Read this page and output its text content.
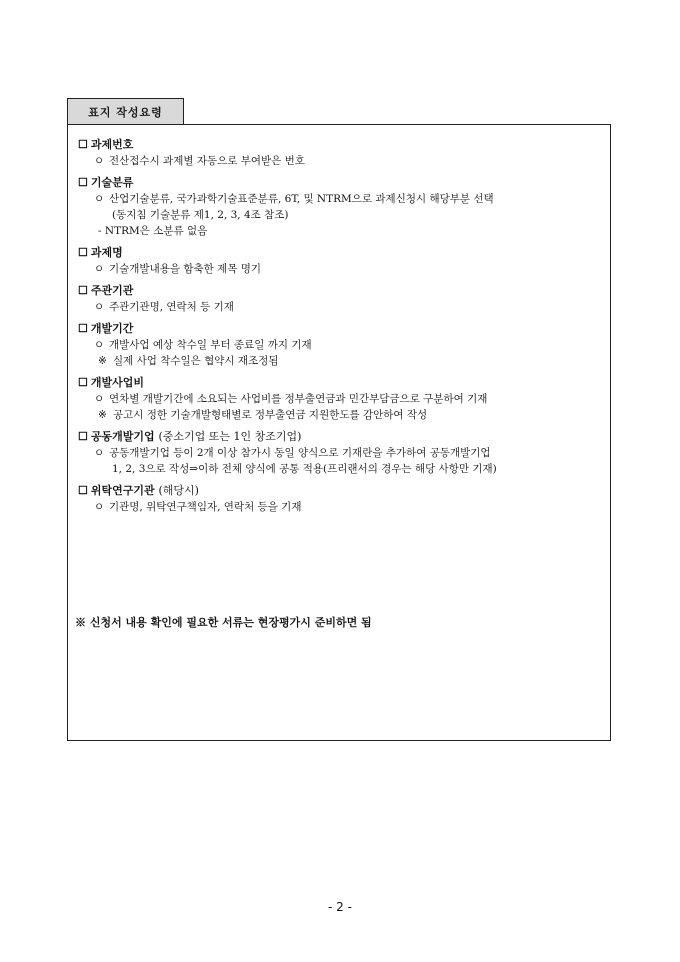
표지 작성요령
☐ 과제번호
ㅇ 전산접수시 과제별 자동으로 부여받은 번호
☐ 기술분류
ㅇ 산업기술분류, 국가과학기술표준분류, 6T, 및 NTRM으로 과제신청시 해당부분 선택
(동지침 기술분류 제1, 2, 3, 4조 참조)
- NTRM은 소분류 없음
☐ 과제명
ㅇ 기술개발내용을 함축한 제목 명기
☐ 주관기관
ㅇ 주관기관명, 연락처 등 기재
☐ 개발기간
ㅇ 개발사업 예상 착수일 부터 종료일 까지 기재
※ 실제 사업 착수일은 협약시 재조정됨
☐ 개발사업비
ㅇ 연차별 개발기간에 소요되는 사업비를 정부출연금과 민간부담금으로 구분하여 기재
※ 공고시 정한 기술개발형태별로 정부출연금 지원한도를 감안하여 작성
☐ 공동개발기업 (중소기업 또는 1인 창조기업)
ㅇ 공동개발기업 등이 2개 이상 참가시 동일 양식으로 기재란을 추가하여 공동개발기업
1, 2, 3으로 작성⇒이하 전체 양식에 공통 적용(프리랜서의 경우는 해당 사항만 기재)
☐ 위탁연구기관 (해당시)
ㅇ 기관명, 위탁연구책임자, 연락처 등을 기재
※ 신청서 내용 확인에 필요한 서류는 현장평가시 준비하면 됨
- 2 -
